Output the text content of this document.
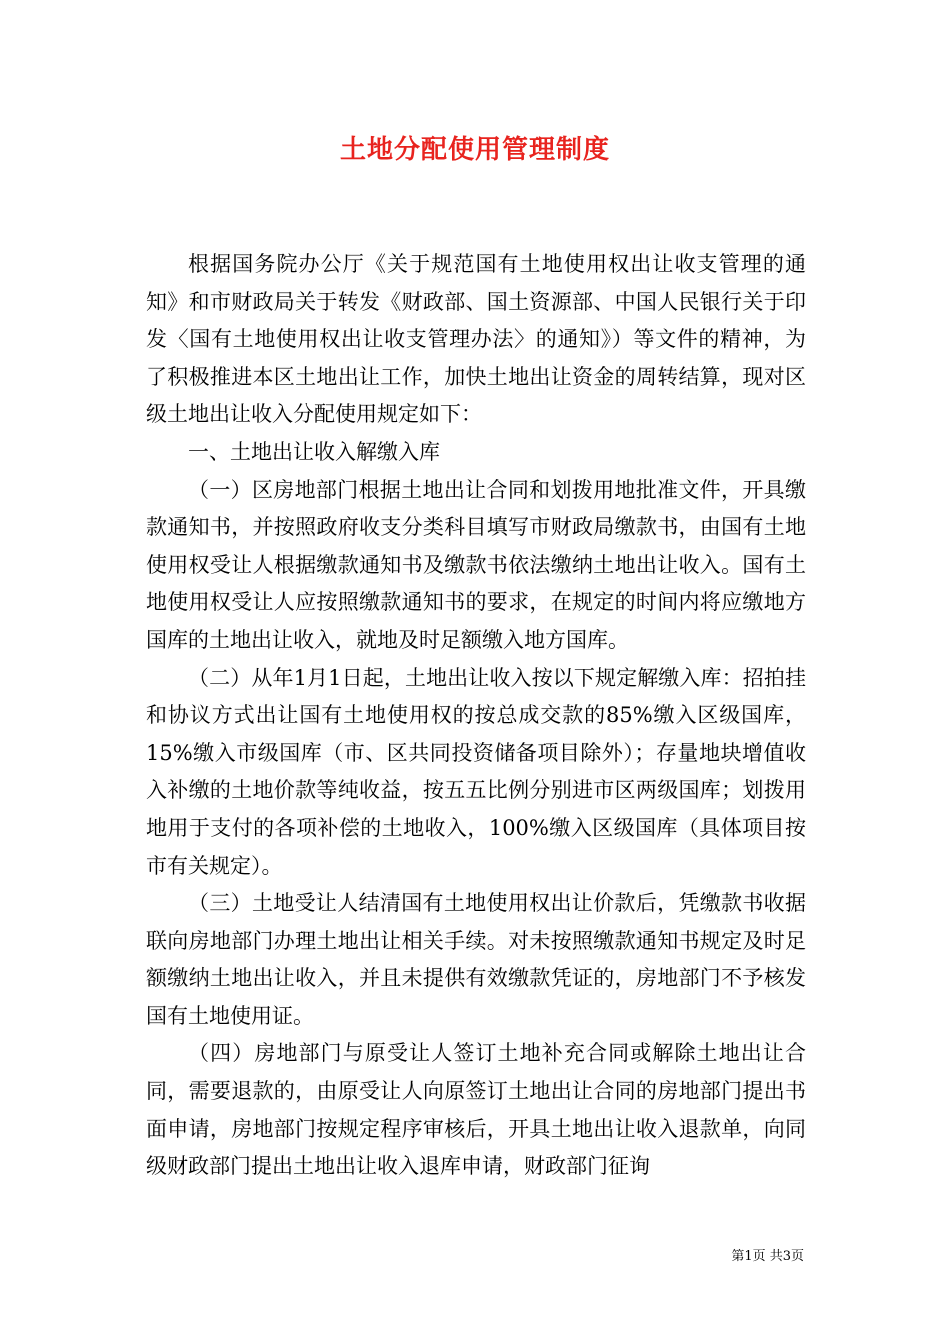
土地分配使用管理制度

根据国务院办公厅《关于规范国有土地使用权出让收支管理的通知》和市财政局关于转发《财政部、国土资源部、中国人民银行关于印发〈国有土地使用权出让收支管理办法〉的通知》）等文件的精神，为了积极推进本区土地出让工作，加快土地出让资金的周转结算，现对区级土地出让收入分配使用规定如下：

一、土地出让收入解缴入库

（一）区房地部门根据土地出让合同和划拨用地批准文件，开具缴款通知书，并按照政府收支分类科目填写市财政局缴款书，由国有土地使用权受让人根据缴款通知书及缴款书依法缴纳土地出让收入。国有土地使用权受让人应按照缴款通知书的要求，在规定的时间内将应缴地方国库的土地出让收入，就地及时足额缴入地方国库。

（二）从年1月1日起，土地出让收入按以下规定解缴入库：招拍挂和协议方式出让国有土地使用权的按总成交款的85%缴入区级国库，15%缴入市级国库（市、区共同投资储备项目除外）；存量地块增值收入补缴的土地价款等纯收益，按五五比例分别进市区两级国库；划拨用地用于支付的各项补偿的土地收入，100%缴入区级国库（具体项目按市有关规定）。

（三）土地受让人结清国有土地使用权出让价款后，凭缴款书收据联向房地部门办理土地出让相关手续。对未按照缴款通知书规定及时足额缴纳土地出让收入，并且未提供有效缴款凭证的，房地部门不予核发国有土地使用证。

（四）房地部门与原受让人签订土地补充合同或解除土地出让合同，需要退款的，由原受让人向原签订土地出让合同的房地部门提出书面申请，房地部门按规定程序审核后，开具土地出让收入退款单，向同级财政部门提出土地出让收入退库申请，财政部门征询

第1页 共3页
